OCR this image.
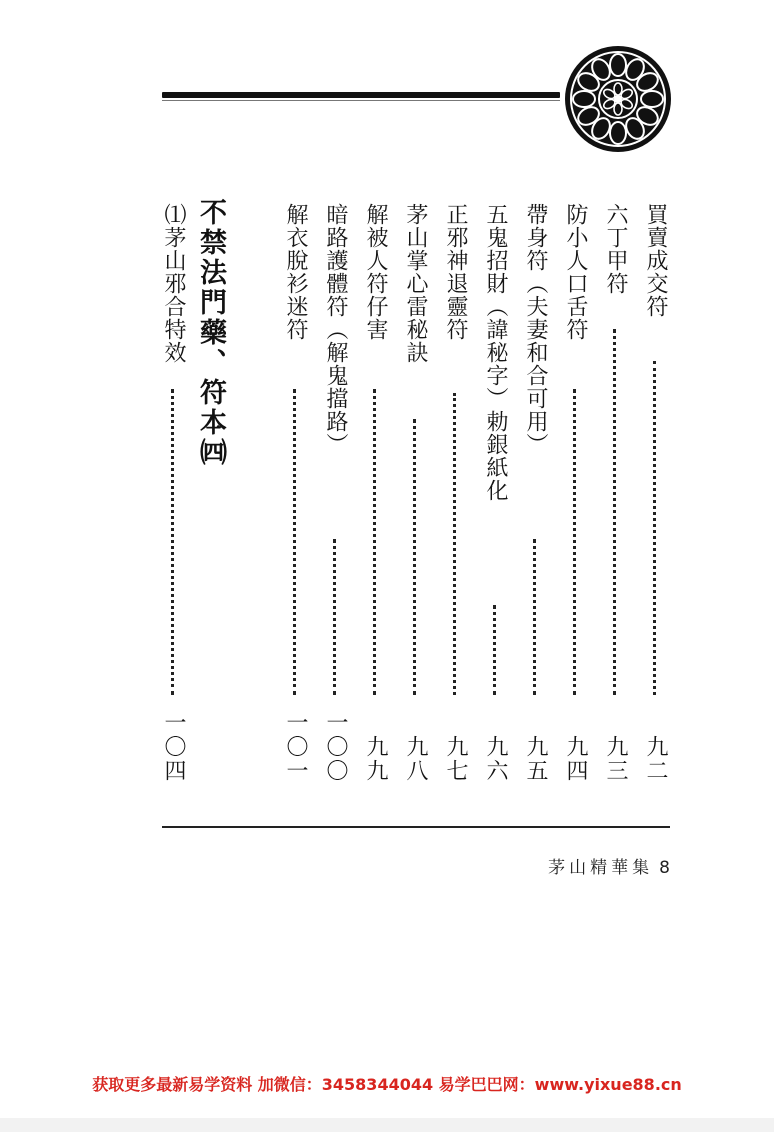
買賣成交符
九二
六丁甲符
九三
防小人口舌符
九四
帶身符（夫妻和合可用）
九五
五鬼招財（諱秘字）勅銀紙化
九六
正邪神退靈符
九七
茅山掌心雷秘訣
九八
解被人符仔害
九九
暗路護體符（解鬼擋路）
一〇〇
解衣脫衫迷符
一〇一
不禁法門藥、符本㈣
⑴茅山邪合特效
一〇四
茅山精華集 8
获取更多最新易学资料 加微信：3458344044 易学巴巴网：www.yixue88.cn
